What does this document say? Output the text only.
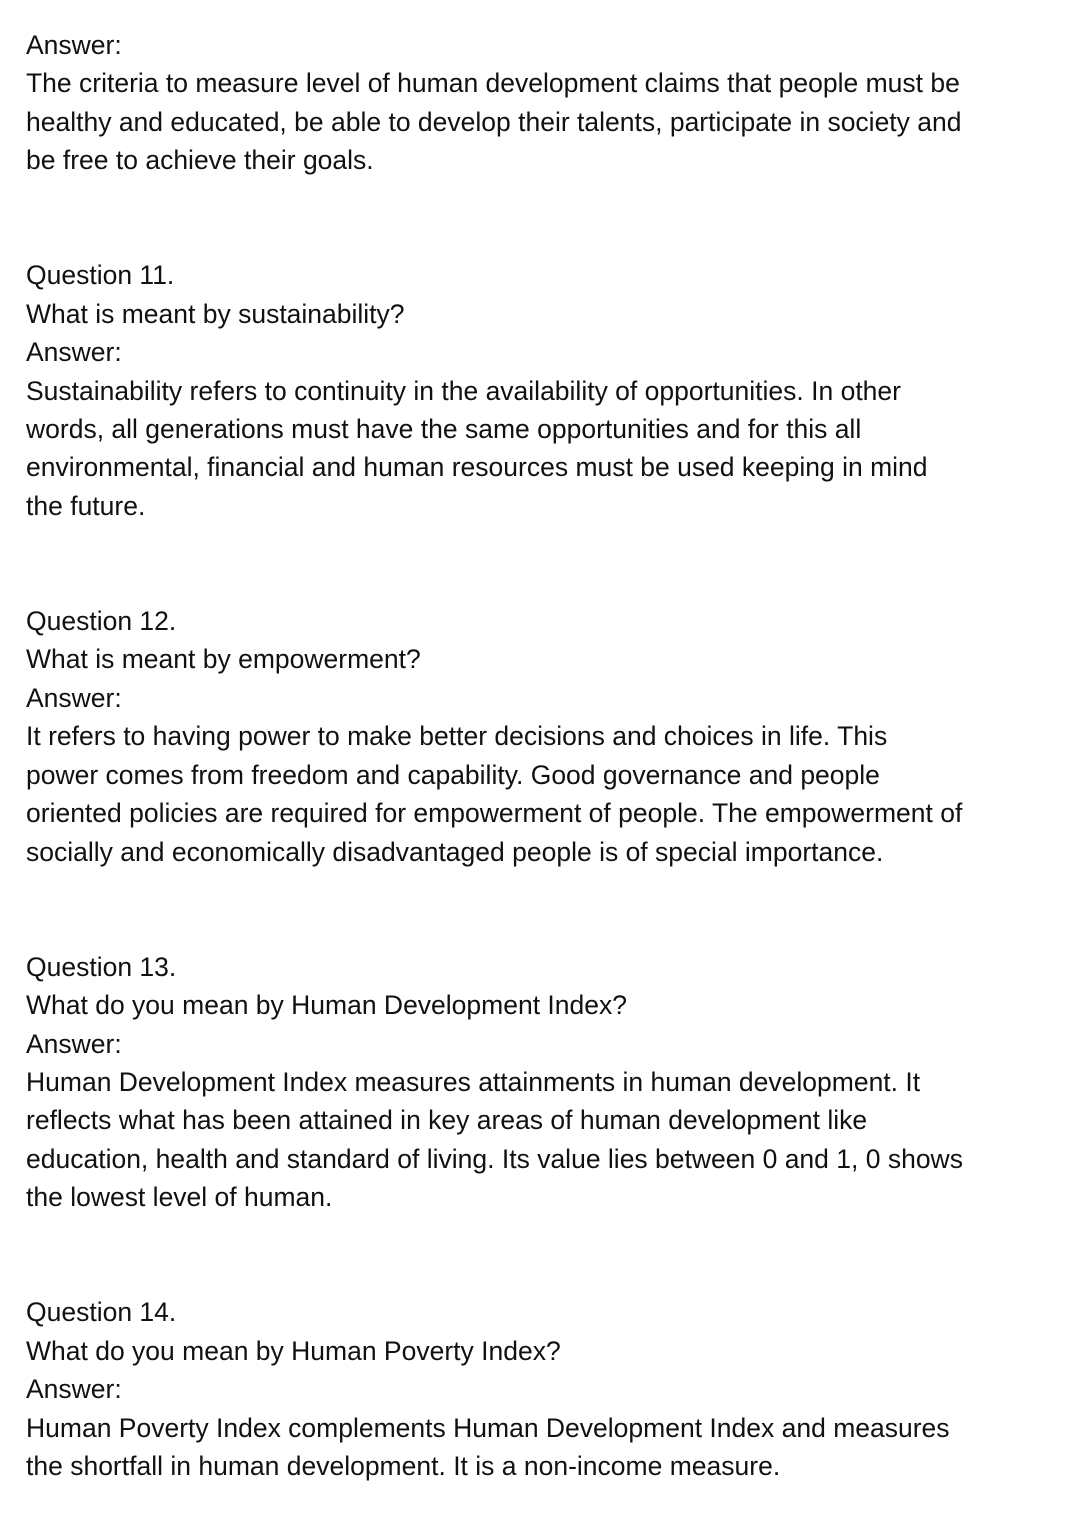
Answer:

The criteria to measure level of human development claims that people must be

healthy and educated, be able to develop their talents, participate in society and

be free to achieve their goals.

Question 11.

What is meant by sustainability?

Answer:

Sustainability refers to continuity in the availability of opportunities. In other

words, all generations must have the same opportunities and for this all

environmental, financial and human resources must be used keeping in mind

the future.

Question 12.

What is meant by empowerment?

Answer:

It refers to having power to make better decisions and choices in life. This

power comes from freedom and capability. Good governance and people

oriented policies are required for empowerment of people. The empowerment of

socially and economically disadvantaged people is of special importance.

Question 13.

What do you mean by Human Development Index?

Answer:

Human Development Index measures attainments in human development. It

reflects what has been attained in key areas of human development like

education, health and standard of living. Its value lies between 0 and 1, 0 shows

the lowest level of human.

Question 14.

What do you mean by Human Poverty Index?

Answer:

Human Poverty Index complements Human Development Index and measures

the shortfall in human development. It is a non-income measure.
